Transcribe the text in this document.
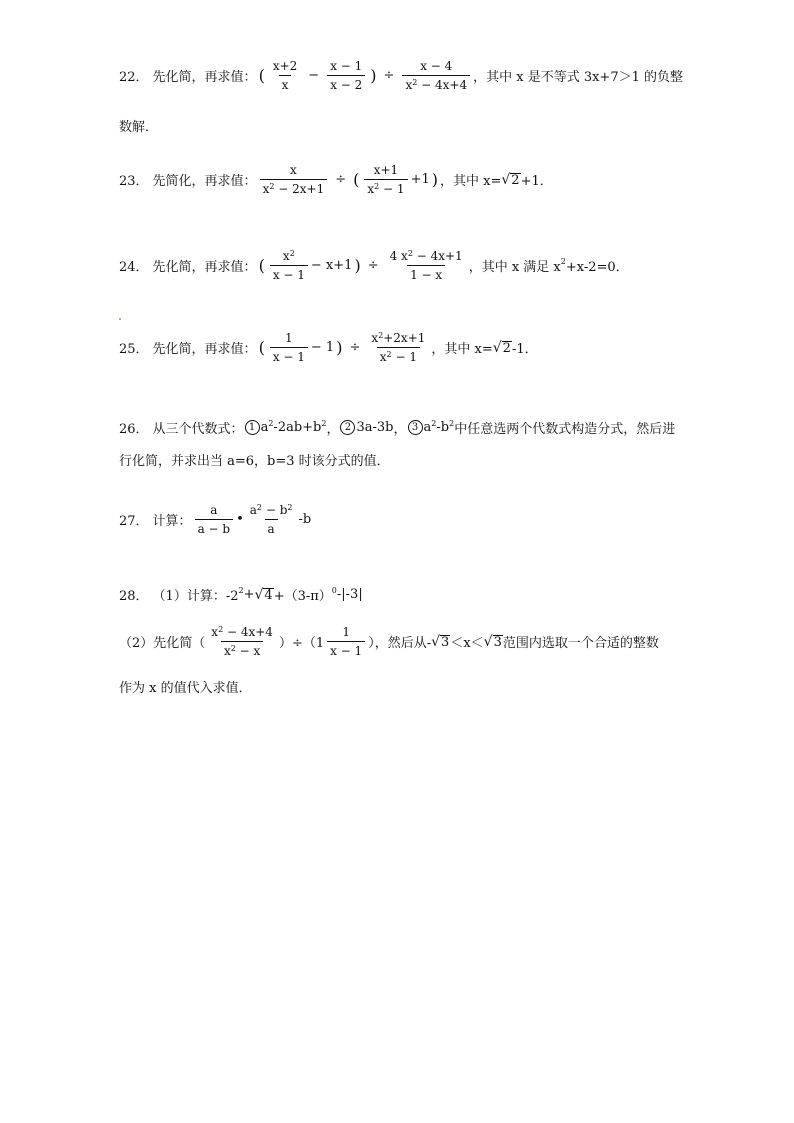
22． 先化简，再求值： ( $\frac{x+2}{x} - \frac{x - 1}{x - 2}$ ) ÷ $\frac{x - 4}{x^2 - 4x+4}$ ，其中 x 是不等式 3x+7＞1 的负整
数解．
23． 先简化，再求值： $\frac{x}{x^2 - 2x+1}$ ÷ ( $\frac{x+1}{x^2 - 1} +1$ ) ，其中 x= √ 2 +1．
24． 先化简，再求值： ( $\frac{x^2}{x - 1} - x+1$ ) ÷ $\frac{4 x^2 - 4x+1}{1 - x}$ ，其中 x 满足 $x^2 +x-2=0$．
25． 先化简，再求值： ( $\frac{1}{x - 1} - 1$ ) ÷ $\frac{x^2+2x+1}{x^2 - 1}$ ，其中 x= √ 2 -1．
26． 从三个代数式： 1 $a^2$ $-2ab+b^2$ ， 2 3a-3b ， 3 $a^2$ $-b^2$ 中任意选两个代数式构造分式，然后进
行化简，并求出当 a=6，b=3 时该分式的值．
27． 计算： $\frac{a}{a - b}$ • $\frac{a^2 - b^2}{a} -b$
28． （1）计算：$-2^2$ + √ $4 +(3-\pi)^0$ -|-3|
（2）先化简（ $\frac{x^2 - 4x+4}{x^2 - x} )\div(1 \frac{1}{x - 1}$ ），然后从- √ 3 ＜x＜ √ 3 范围内选取一个合适的整数
作为 x 的值代入求值．
